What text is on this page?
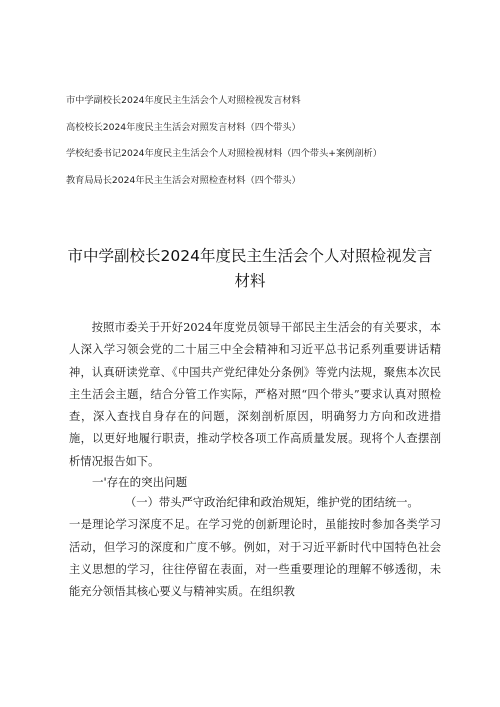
市中学副校长2024年度民主生活会个人对照检视发言材料
高校校长2024年度民主生活会对照发言材料（四个带头）
学校纪委书记2024年度民主生活会个人对照检视材料（四个带头+案例剖析）
教育局局长2024年民主生活会对照检查材料（四个带头）
市中学副校长2024年度民主生活会个人对照检视发言材料

按照市委关于开好2024年度党员领导干部民主生活会的有关要求，本人深入学习领会党的二十届三中全会精神和习近平总书记系列重要讲话精神，认真研读党章、《中国共产党纪律处分条例》等党内法规，聚焦本次民主生活会主题，结合分管工作实际，严格对照“四个带头”要求认真对照检查，深入查找自身存在的问题，深刻剖析原因，明确努力方向和改进措施，以更好地履行职责，推动学校各项工作高质量发展。现将个人查摆剖析情况报告如下。

一'存在的突出问题

（一）带头严守政治纪律和政治规矩，维护党的团结统一。

一是理论学习深度不足。在学习党的创新理论时，虽能按时参加各类学习活动，但学习的深度和广度不够。例如，对于习近平新时代中国特色社会主义思想的学习，往往停留在表面，对一些重要理论的理解不够透彻，未能充分领悟其核心要义与精神实质。在组织教
